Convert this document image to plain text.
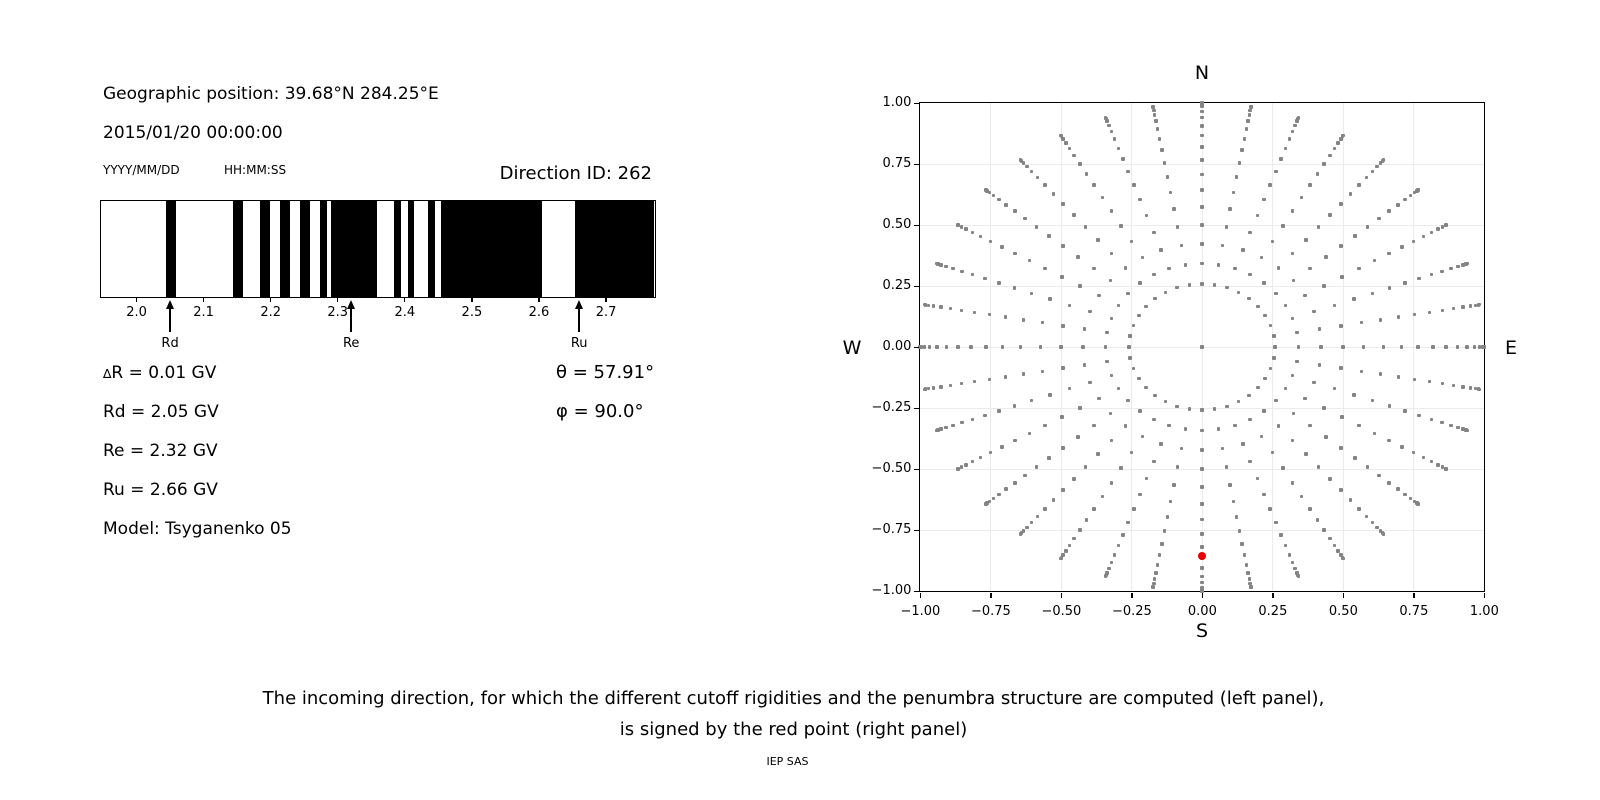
Geographic position: 39.68°N 284.25°E
2015/01/20 00:00:00
YYYY/MM/DD	HH:MM:SS	Direction ID: 262
2.0	2.1	2.2	2.3	2.4	2.5	2.6	2.7
Rd	Re	Ru
∆R = 0.01 GV
Rd = 2.05 GV
Re = 2.32 GV
Ru = 2.66 GV
Model: Tsyganenko 05
θ = 57.91°
φ = 90.0°
1.00
−1.00
0.75
−0.75
0.50
−0.50
0.25
−0.25
0.00
0.00
−0.25
0.25
−0.50
0.50
−0.75
0.75
−1.00
1.00
N
S
W	E
The incoming direction, for which the different cutoff rigidities and the penumbra structure are computed (left panel),
is signed by the red point (right panel)
IEP SAS
